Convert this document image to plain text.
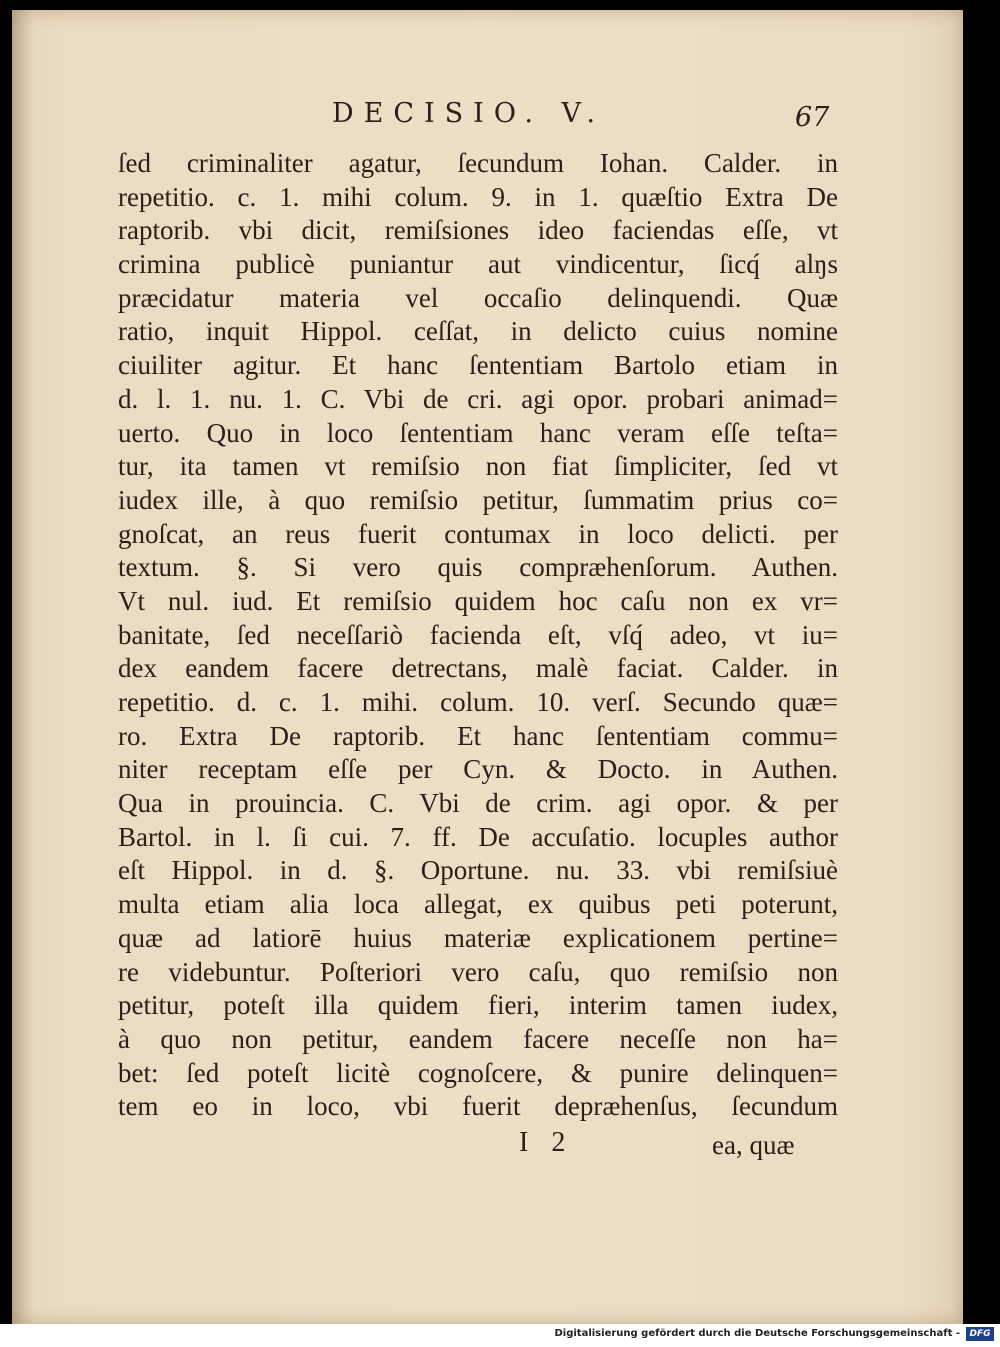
DECISIO. V.	67
ſed criminaliter agatur, ſecundum Iohan. Calder. in
repetitio. c. 1. mihi colum. 9. in 1. quæſtio Extra De
raptorib. vbi dicit, remiſsiones ideo faciendas eſſe, vt
crimina publicè puniantur aut vindicentur, ſicq́ alŋs
præcidatur materia vel occaſio delinquendi. Quæ
ratio, inquit Hippol. ceſſat, in delicto cuius nomine
ciuiliter agitur. Et hanc ſententiam Bartolo etiam in
d. l. 1. nu. 1. C. Vbi de cri. agi opor. probari animad=
uerto. Quo in loco ſententiam hanc veram eſſe teſta=
tur, ita tamen vt remiſsio non fiat ſimpliciter, ſed vt
iudex ille, à quo remiſsio petitur, ſummatim prius co=
gnoſcat, an reus fuerit contumax in loco delicti. per
textum. §. Si vero quis compræhenſorum. Authen.
Vt nul. iud. Et remiſsio quidem hoc caſu non ex vr=
banitate, ſed neceſſariò facienda eſt, vſq́ adeo, vt iu=
dex eandem facere detrectans, malè faciat. Calder. in
repetitio. d. c. 1. mihi. colum. 10. verſ. Secundo quæ=
ro. Extra De raptorib. Et hanc ſententiam commu=
niter receptam eſſe per Cyn. & Docto. in Authen.
Qua in prouincia. C. Vbi de crim. agi opor. & per
Bartol. in l. ſi cui. 7. ff. De accuſatio. locuples author
eſt Hippol. in d. §. Oportune. nu. 33. vbi remiſsiuè
multa etiam alia loca allegat, ex quibus peti poterunt,
quæ ad latiorē huius materiæ explicationem pertine=
re videbuntur. Poſteriori vero caſu, quo remiſsio non
petitur, poteſt illa quidem fieri, interim tamen iudex,
à quo non petitur, eandem facere neceſſe non ha=
bet: ſed poteſt licitè cognoſcere, & punire delinquen=
tem eo in loco, vbi fuerit depræhenſus, ſecundum
I 2	ea, quæ
Digitalisierung gefördert durch die Deutsche Forschungsgemeinschaft -	DFG
